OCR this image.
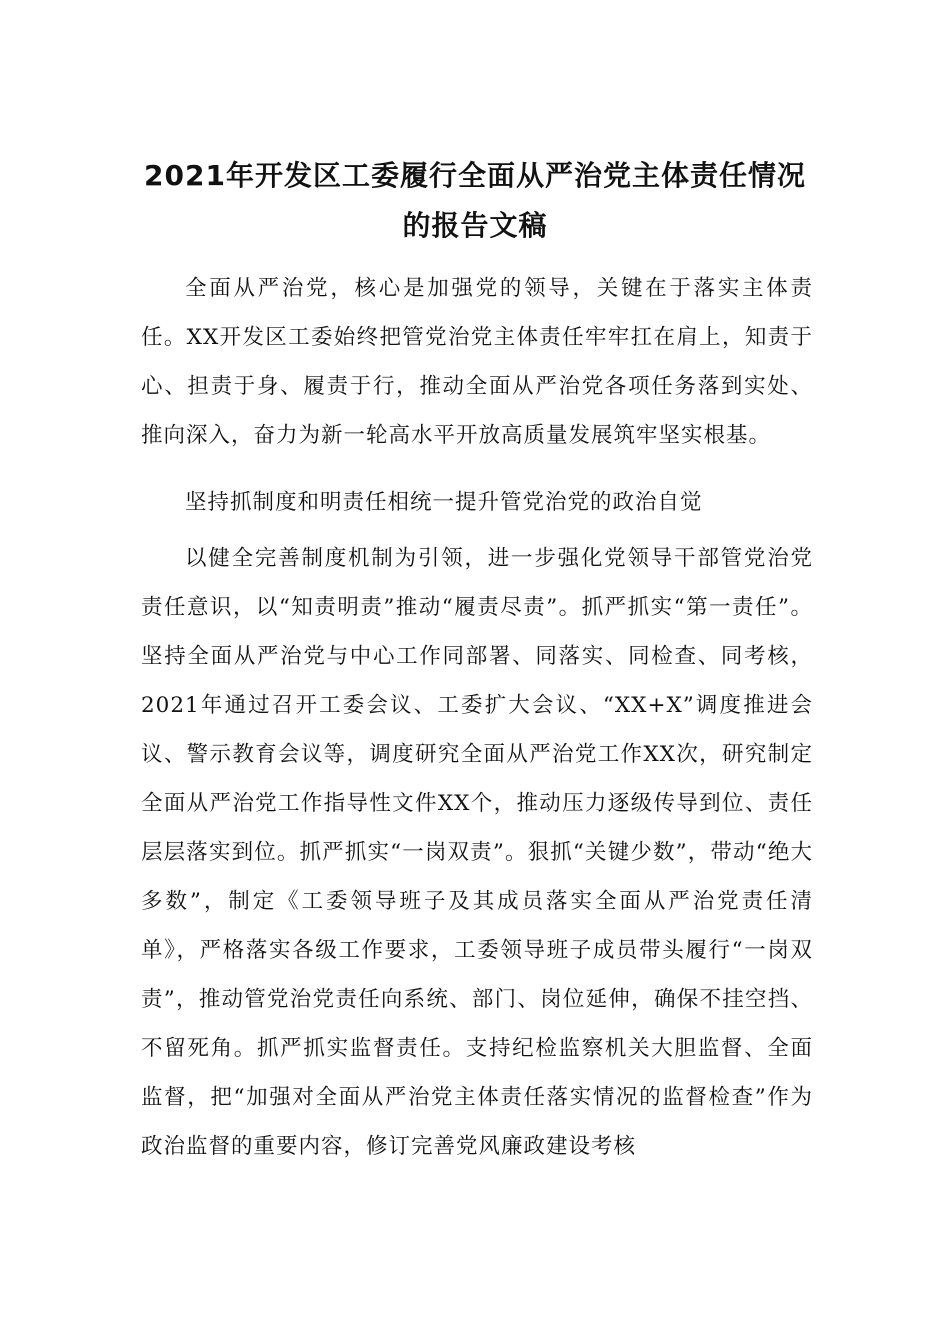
2021年开发区工委履行全面从严治党主体责任情况
的报告文稿
全面从严治党，核心是加强党的领导，关键在于落实主体责任。XX开发区工委始终把管党治党主体责任牢牢扛在肩上，知责于心、担责于身、履责于行，推动全面从严治党各项任务落到实处、推向深入，奋力为新一轮高水平开放高质量发展筑牢坚实根基。
坚持抓制度和明责任相统一提升管党治党的政治自觉
以健全完善制度机制为引领，进一步强化党领导干部管党治党责任意识，以“知责明责”推动“履责尽责”。抓严抓实“第一责任”。坚持全面从严治党与中心工作同部署、同落实、同检查、同考核，2021年通过召开工委会议、工委扩大会议、“XX+X”调度推进会议、警示教育会议等，调度研究全面从严治党工作XX次，研究制定全面从严治党工作指导性文件XX个，推动压力逐级传导到位、责任层层落实到位。抓严抓实“一岗双责”。狠抓“关键少数”，带动“绝大多数”，制定《工委领导班子及其成员落实全面从严治党责任清单》，严格落实各级工作要求，工委领导班子成员带头履行“一岗双责”，推动管党治党责任向系统、部门、岗位延伸，确保不挂空挡、不留死角。抓严抓实监督责任。支持纪检监察机关大胆监督、全面监督，把“加强对全面从严治党主体责任落实情况的监督检查”作为政治监督的重要内容，修订完善党风廉政建设考核
